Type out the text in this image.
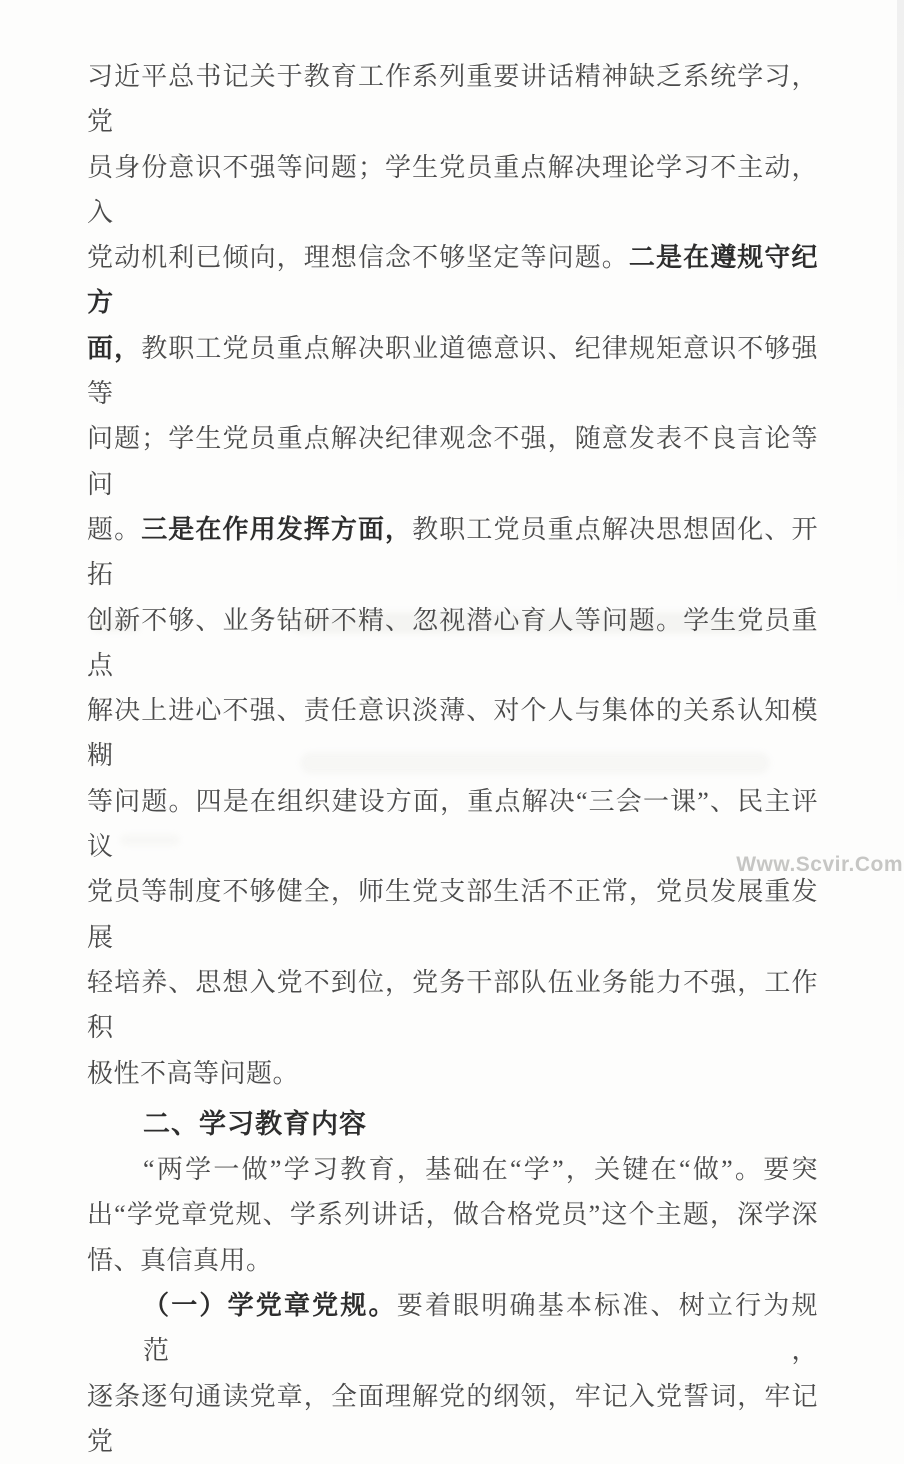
习近平总书记关于教育工作系列重要讲话精神缺乏系统学习，党
员身份意识不强等问题；学生党员重点解决理论学习不主动，入
党动机利已倾向，理想信念不够坚定等问题。二是在遵规守纪方
面，教职工党员重点解决职业道德意识、纪律规矩意识不够强等
问题；学生党员重点解决纪律观念不强，随意发表不良言论等问
题。三是在作用发挥方面，教职工党员重点解决思想固化、开拓
创新不够、业务钻研不精、忽视潜心育人等问题。学生党员重点
解决上进心不强、责任意识淡薄、对个人与集体的关系认知模糊
等问题。四是在组织建设方面，重点解决“三会一课”、民主评议
党员等制度不够健全，师生党支部生活不正常，党员发展重发展
轻培养、思想入党不到位，党务干部队伍业务能力不强，工作积
极性不高等问题。
二、学习教育内容
“两学一做”学习教育，基础在“学”，关键在“做”。要突
出“学党章党规、学系列讲话，做合格党员”这个主题，深学深
悟、真信真用。
（一）学党章党规。要着眼明确基本标准、树立行为规范，
逐条逐句通读党章，全面理解党的纲领，牢记入党誓词，牢记党
Www.Scvir.Com
